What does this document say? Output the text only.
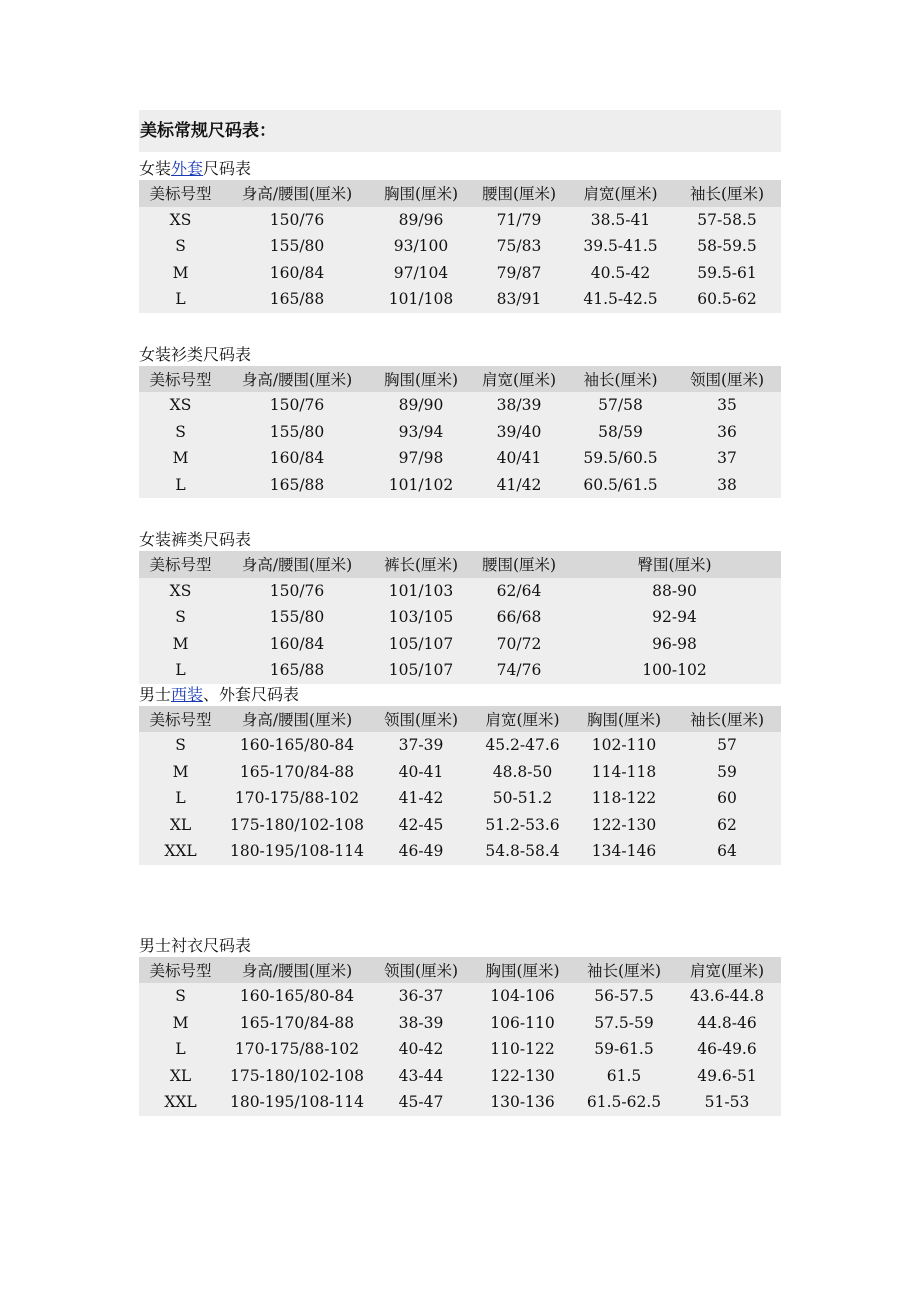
美标常规尺码表：
女装外套尺码表
美标号型	身高/腰围(厘米)	胸围(厘米)	腰围(厘米)	肩宽(厘米)	袖长(厘米)
XS	150/76	89/96	71/79	38.5-41	57-58.5
S	155/80	93/100	75/83	39.5-41.5	58-59.5
M	160/84	97/104	79/87	40.5-42	59.5-61
L	165/88	101/108	83/91	41.5-42.5	60.5-62
女装衫类尺码表
美标号型	身高/腰围(厘米)	胸围(厘米)	肩宽(厘米)	袖长(厘米)	领围(厘米)
XS	150/76	89/90	38/39	57/58	35
S	155/80	93/94	39/40	58/59	36
M	160/84	97/98	40/41	59.5/60.5	37
L	165/88	101/102	41/42	60.5/61.5	38
女装裤类尺码表
美标号型	身高/腰围(厘米)	裤长(厘米)	腰围(厘米)	臀围(厘米)
XS	150/76	101/103	62/64	88-90
S	155/80	103/105	66/68	92-94
M	160/84	105/107	70/72	96-98
L	165/88	105/107	74/76	100-102
男士西装、外套尺码表
美标号型	身高/腰围(厘米)	领围(厘米)	肩宽(厘米)	胸围(厘米)	袖长(厘米)
S	160-165/80-84	37-39	45.2-47.6	102-110	57
M	165-170/84-88	40-41	48.8-50	114-118	59
L	170-175/88-102	41-42	50-51.2	118-122	60
XL	175-180/102-108	42-45	51.2-53.6	122-130	62
XXL	180-195/108-114	46-49	54.8-58.4	134-146	64
男士衬衣尺码表
美标号型	身高/腰围(厘米)	领围(厘米)	胸围(厘米)	袖长(厘米)	肩宽(厘米)
S	160-165/80-84	36-37	104-106	56-57.5	43.6-44.8
M	165-170/84-88	38-39	106-110	57.5-59	44.8-46
L	170-175/88-102	40-42	110-122	59-61.5	46-49.6
XL	175-180/102-108	43-44	122-130	61.5	49.6-51
XXL	180-195/108-114	45-47	130-136	61.5-62.5	51-53
